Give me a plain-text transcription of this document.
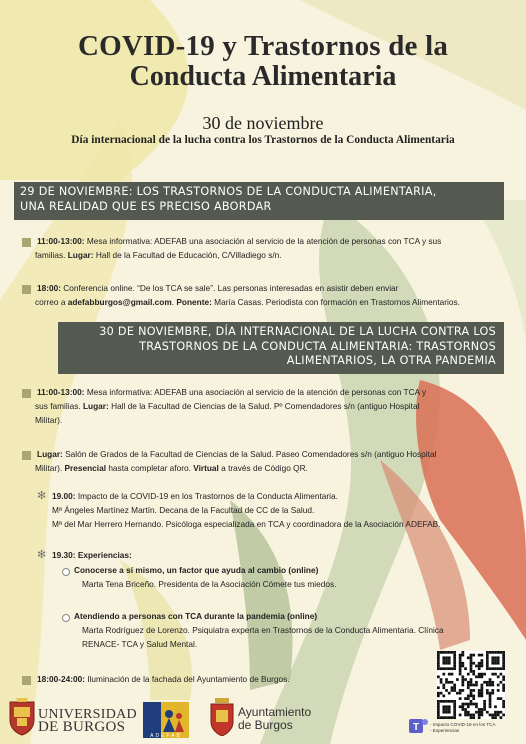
COVID-19 y Trastornos de la
Conducta Alimentaria
30 de noviembre
Día internacional de la lucha contra los Trastornos de la Conducta Alimentaria
29 DE NOVIEMBRE: LOS TRASTORNOS DE LA CONDUCTA ALIMENTARIA,
UNA REALIDAD QUE ES PRECISO ABORDAR
11:00-13:00: Mesa informativa: ADEFAB una asociación al servicio de la atención de personas con TCA y sus
familias. Lugar: Hall de la Facultad de Educación, C/Villadiego s/n.
18:00: Conferencia online. “De los TCA se sale”. Las personas interesadas en asistir deben enviar
correo a adefabburgos@gmail.com. Ponente: María Casas. Periodista con formación en Trastornos Alimentarios.
30 DE NOVIEMBRE, DÍA INTERNACIONAL DE LA LUCHA CONTRA LOS
TRASTORNOS DE LA CONDUCTA ALIMENTARIA: TRASTORNOS
ALIMENTARIOS, LA OTRA PANDEMIA
11:00-13:00: Mesa informativa: ADEFAB una asociación al servicio de la atención de personas con TCA y
sus familias. Lugar: Hall de la Facultad de Ciencias de la Salud. Pº Comendadores s/n (antiguo Hospital
Militar).
Lugar: Salón de Grados de la Facultad de Ciencias de la Salud. Paseo Comendadores s/n (antiguo Hospital
Militar). Presencial hasta completar aforo. Virtual a través de Código QR.
✻ 19.00: Impacto de la COVID-19 en los Trastornos de la Conducta Alimentaria.
Mª Ángeles Martínez Martín. Decana de la Facultad de CC de la Salud.
Mª del Mar Herrero Hernando. Psicóloga especializada en TCA y coordinadora de la Asociación ADEFAB.
✻ 19.30: Experiencias:
Conocerse a sí mismo, un factor que ayuda al cambio (online)
Marta Tena Briceño. Presidenta de la Asociación Cómete tus miedos.
Atendiendo a personas con TCA durante la pandemia (online)
Marta Rodríguez de Lorenzo. Psiquiatra experta en Trastornos de la Conducta Alimentaria. Clínica
RENACE- TCA y Salud Mental.
18:00-24:00: Iluminación de la fachada del Ayuntamiento de Burgos.
UNIVERSIDAD
DE BURGOS
ADEFAB
Ayuntamiento
de Burgos	T - Impacto COVID-19 en los TCA
- Experiencias
